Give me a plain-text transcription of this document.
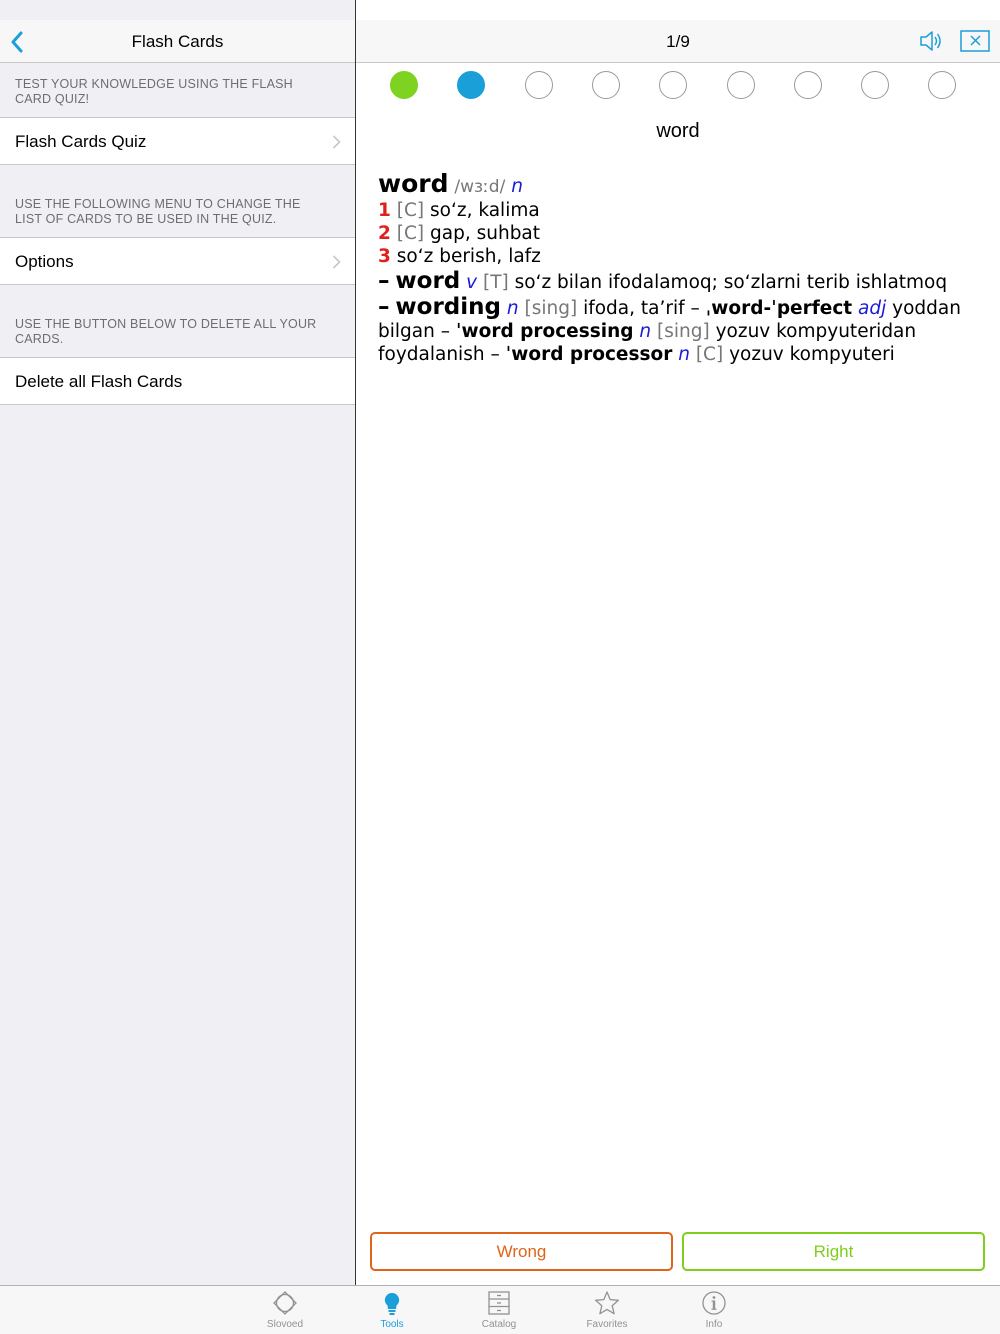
Flash Cards
TEST YOUR KNOWLEDGE USING THE FLASH CARD QUIZ!
Flash Cards Quiz
USE THE FOLLOWING MENU TO CHANGE THE LIST OF CARDS TO BE USED IN THE QUIZ.
Options
USE THE BUTTON BELOW TO DELETE ALL YOUR CARDS.
Delete all Flash Cards
1/9
word
word /wɜːd/ n
1 [C] so‘z, kalima
2 [C] gap, suhbat
3 so‘z berish, lafz
– word v [T] so‘z bilan ifodalamoq; so‘zlarni terib ishlatmoq
– wording n [sing] ifoda, ta’rif – ˌword-ˈperfect adj yoddan bilgan – ˈword processing n [sing] yozuv kompyuteridan foydalanish – ˈword processor n [C] yozuv kompyuteri
Wrong	Right
Slovoed	Tools	Catalog	Favorites	Info
